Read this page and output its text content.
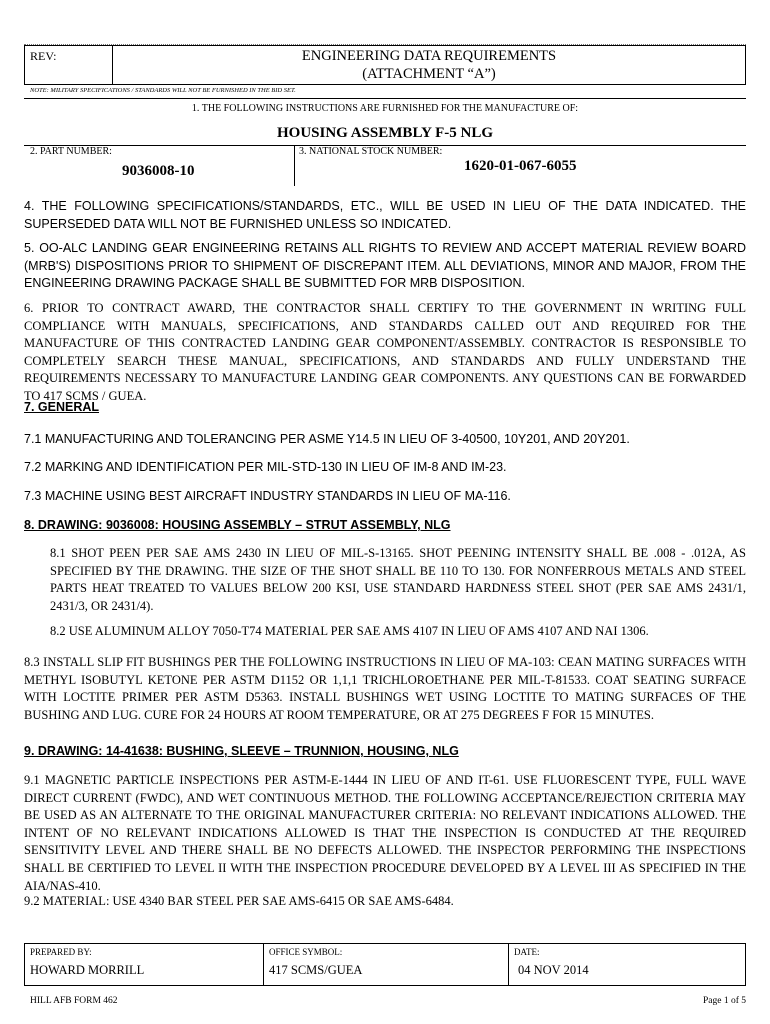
REV:	ENGINEERING DATA REQUIREMENTS
(ATTACHMENT “A”)
NOTE: MILITARY SPECIFICATIONS / STANDARDS WILL NOT BE FURNISHED IN THE BID SET.
1. THE FOLLOWING INSTRUCTIONS ARE FURNISHED FOR THE MANUFACTURE OF:
HOUSING ASSEMBLY F-5 NLG
2. PART NUMBER:
9036008-10
3. NATIONAL STOCK NUMBER:
1620-01-067-6055
4. THE FOLLOWING SPECIFICATIONS/STANDARDS, ETC., WILL BE USED IN LIEU OF THE DATA INDICATED. THE SUPERSEDED DATA WILL NOT BE FURNISHED UNLESS SO INDICATED.
5. OO-ALC LANDING GEAR ENGINEERING RETAINS ALL RIGHTS TO REVIEW AND ACCEPT MATERIAL REVIEW BOARD (MRB'S) DISPOSITIONS PRIOR TO SHIPMENT OF DISCREPANT ITEM. ALL DEVIATIONS, MINOR AND MAJOR, FROM THE ENGINEERING DRAWING PACKAGE SHALL BE SUBMITTED FOR MRB DISPOSITION.
6. PRIOR TO CONTRACT AWARD, THE CONTRACTOR SHALL CERTIFY TO THE GOVERNMENT IN WRITING FULL COMPLIANCE WITH MANUALS, SPECIFICATIONS, AND STANDARDS CALLED OUT AND REQUIRED FOR THE MANUFACTURE OF THIS CONTRACTED LANDING GEAR COMPONENT/ASSEMBLY. CONTRACTOR IS RESPONSIBLE TO COMPLETELY SEARCH THESE MANUAL, SPECIFICATIONS, AND STANDARDS AND FULLY UNDERSTAND THE REQUIREMENTS NECESSARY TO MANUFACTURE LANDING GEAR COMPONENTS. ANY QUESTIONS CAN BE FORWARDED TO 417 SCMS / GUEA.
7. GENERAL
7.1 MANUFACTURING AND TOLERANCING PER ASME Y14.5 IN LIEU OF 3-40500, 10Y201, AND 20Y201.
7.2 MARKING AND IDENTIFICATION PER MIL-STD-130 IN LIEU OF IM-8 AND IM-23.
7.3 MACHINE USING BEST AIRCRAFT INDUSTRY STANDARDS IN LIEU OF MA-116.
8. DRAWING: 9036008: HOUSING ASSEMBLY – STRUT ASSEMBLY, NLG
8.1 SHOT PEEN PER SAE AMS 2430 IN LIEU OF MIL-S-13165. SHOT PEENING INTENSITY SHALL BE .008 - .012A, AS SPECIFIED BY THE DRAWING. THE SIZE OF THE SHOT SHALL BE 110 TO 130. FOR NONFERROUS METALS AND STEEL PARTS HEAT TREATED TO VALUES BELOW 200 KSI, USE STANDARD HARDNESS STEEL SHOT (PER SAE AMS 2431/1, 2431/3, OR 2431/4).
8.2 USE ALUMINUM ALLOY 7050-T74 MATERIAL PER SAE AMS 4107 IN LIEU OF AMS 4107 AND NAI 1306.
8.3 INSTALL SLIP FIT BUSHINGS PER THE FOLLOWING INSTRUCTIONS IN LIEU OF MA-103: CEAN MATING SURFACES WITH METHYL ISOBUTYL KETONE PER ASTM D1152 OR 1,1,1 TRICHLOROETHANE PER MIL-T-81533. COAT SEATING SURFACE WITH LOCTITE PRIMER PER ASTM D5363. INSTALL BUSHINGS WET USING LOCTITE TO MATING SURFACES OF THE BUSHING AND LUG. CURE FOR 24 HOURS AT ROOM TEMPERATURE, OR AT 275 DEGREES F FOR 15 MINUTES.
9. DRAWING: 14-41638: BUSHING, SLEEVE – TRUNNION, HOUSING, NLG
9.1 MAGNETIC PARTICLE INSPECTIONS PER ASTM-E-1444 IN LIEU OF AND IT-61. USE FLUORESCENT TYPE, FULL WAVE DIRECT CURRENT (FWDC), AND WET CONTINUOUS METHOD. THE FOLLOWING ACCEPTANCE/REJECTION CRITERIA MAY BE USED AS AN ALTERNATE TO THE ORIGINAL MANUFACTURER CRITERIA: NO RELEVANT INDICATIONS ALLOWED. THE INTENT OF NO RELEVANT INDICATIONS ALLOWED IS THAT THE INSPECTION IS CONDUCTED AT THE REQUIRED SENSITIVITY LEVEL AND THERE SHALL BE NO DEFECTS ALLOWED. THE INSPECTOR PERFORMING THE INSPECTIONS SHALL BE CERTIFIED TO LEVEL II WITH THE INSPECTION PROCEDURE DEVELOPED BY A LEVEL III AS SPECIFIED IN THE AIA/NAS-410.
9.2 MATERIAL: USE 4340 BAR STEEL PER SAE AMS-6415 OR SAE AMS-6484.
PREPARED BY:
HOWARD MORRILL
OFFICE SYMBOL:
417 SCMS/GUEA
DATE:
04 NOV 2014
HILL AFB FORM 462	Page 1 of 5
